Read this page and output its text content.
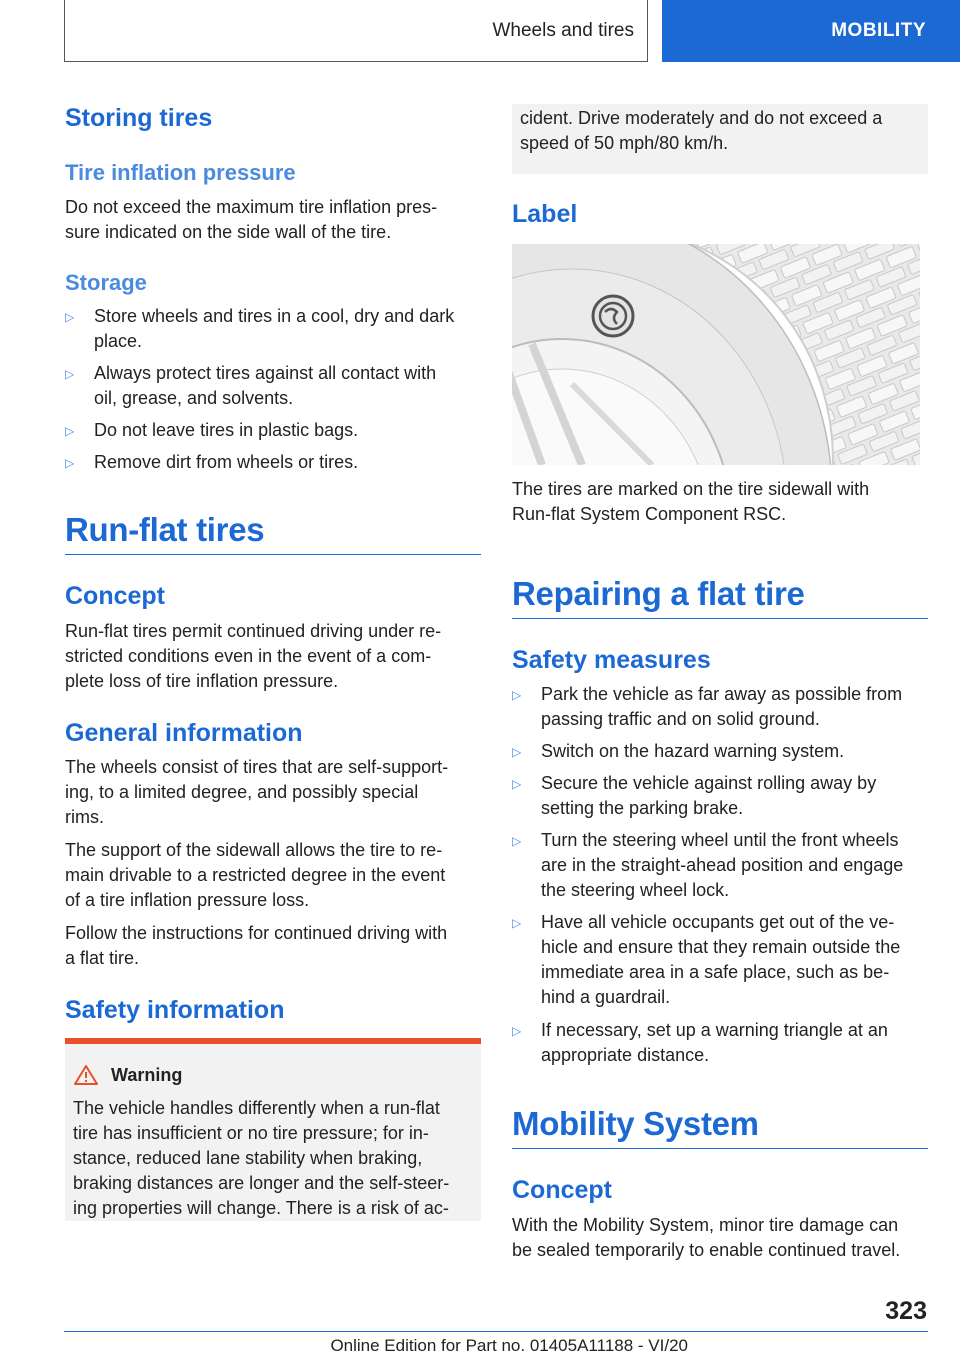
Wheels and tires	MOBILITY
Storing tires
Tire inflation pressure

Do not exceed the maximum tire inflation pres-

sure indicated on the side wall of the tire.

Storage
▷	Store wheels and tires in a cool, dry and dark
place.
▷	Always protect tires against all contact with
oil, grease, and solvents.
▷	Do not leave tires in plastic bags.
▷	Remove dirt from wheels or tires.
Run-flat tires
Concept

Run-flat tires permit continued driving under re-

stricted conditions even in the event of a com-

plete loss of tire inflation pressure.

General information

The wheels consist of tires that are self-support-

ing, to a limited degree, and possibly special

rims.

The support of the sidewall allows the tire to re-

main drivable to a restricted degree in the event

of a tire inflation pressure loss.

Follow the instructions for continued driving with

a flat tire.

Safety information
Warning

The vehicle handles differently when a run-flat

tire has insufficient or no tire pressure; for in-

stance, reduced lane stability when braking,

braking distances are longer and the self-steer-

ing properties will change. There is a risk of ac-

cident. Drive moderately and do not exceed a

speed of 50 mph/80 km/h.

Label

The tires are marked on the tire sidewall with

Run-flat System Component RSC.

Repairing a flat tire
Safety measures
▷	Park the vehicle as far away as possible from
passing traffic and on solid ground.
▷	Switch on the hazard warning system.
▷	Secure the vehicle against rolling away by
setting the parking brake.
▷	Turn the steering wheel until the front wheels
are in the straight-ahead position and engage
the steering wheel lock.
▷	Have all vehicle occupants get out of the ve-
hicle and ensure that they remain outside the
immediate area in a safe place, such as be-
hind a guardrail.
▷	If necessary, set up a warning triangle at an
appropriate distance.
Mobility System
Concept

With the Mobility System, minor tire damage can

be sealed temporarily to enable continued travel.

323
Online Edition for Part no. 01405A11188 - VI/20
